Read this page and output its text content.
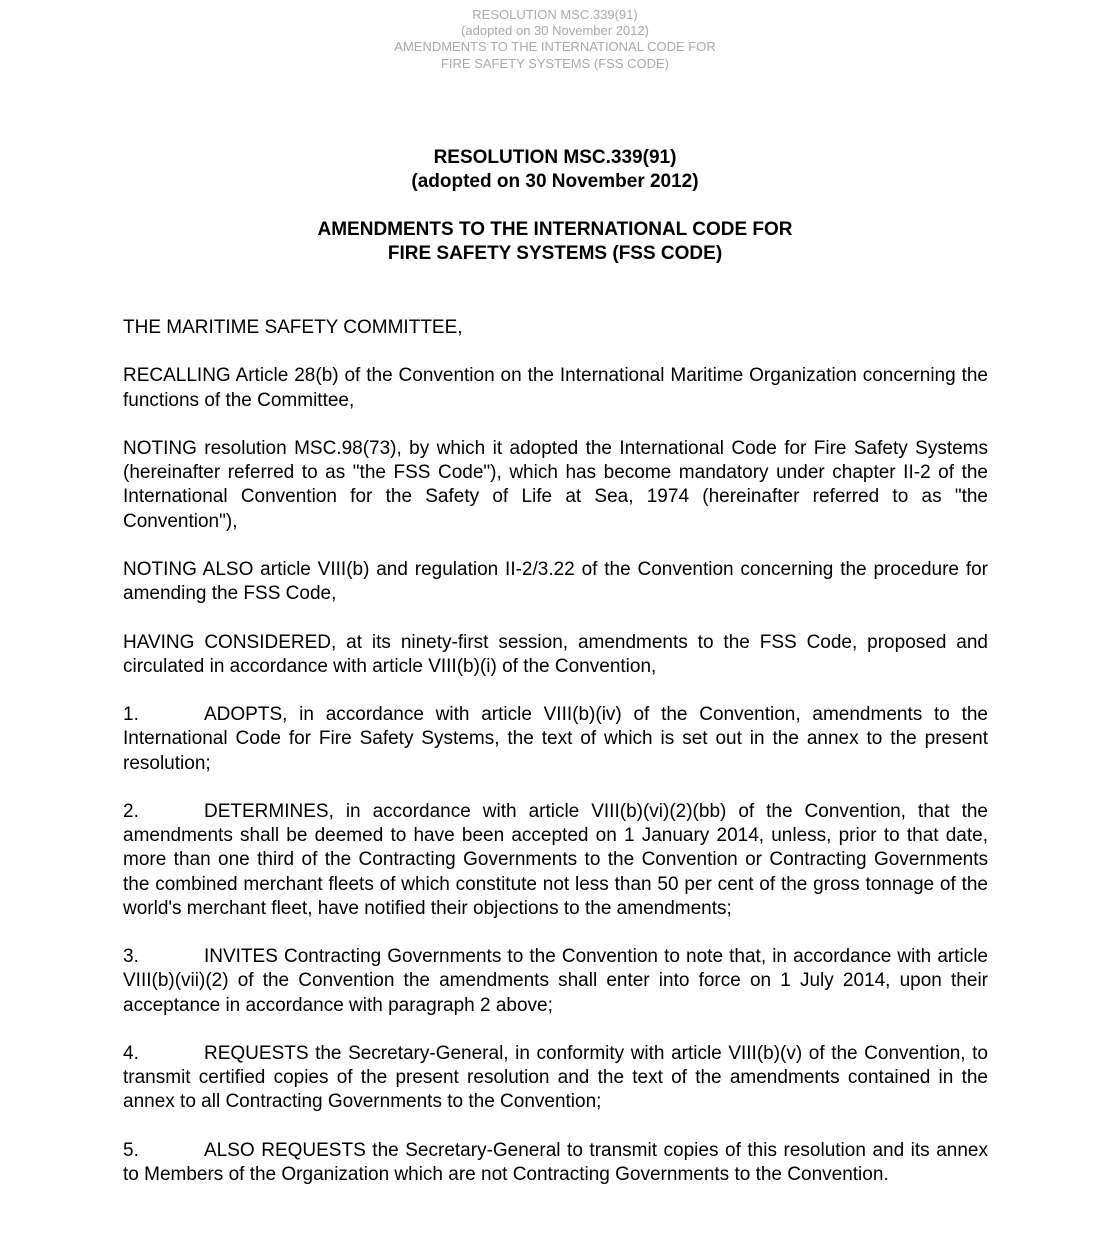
RESOLUTION MSC.339(91)
(adopted on 30 November 2012)
AMENDMENTS TO THE INTERNATIONAL CODE FOR
FIRE SAFETY SYSTEMS (FSS CODE)
RESOLUTION MSC.339(91)
(adopted on 30 November 2012)
AMENDMENTS TO THE INTERNATIONAL CODE FOR
FIRE SAFETY SYSTEMS (FSS CODE)

THE MARITIME SAFETY COMMITTEE,

RECALLING Article 28(b) of the Convention on the International Maritime Organization concerning the functions of the Committee,

NOTING resolution MSC.98(73), by which it adopted the International Code for Fire Safety Systems (hereinafter referred to as "the FSS Code"), which has become mandatory under chapter II-2 of the International Convention for the Safety of Life at Sea, 1974 (hereinafter referred to as "the Convention"),

NOTING ALSO article VIII(b) and regulation II-2/3.22 of the Convention concerning the procedure for amending the FSS Code,

HAVING CONSIDERED, at its ninety-first session, amendments to the FSS Code, proposed and circulated in accordance with article VIII(b)(i) of the Convention,

1.	ADOPTS, in accordance with article VIII(b)(iv) of the Convention, amendments to the International Code for Fire Safety Systems, the text of which is set out in the annex to the present resolution;

2.	DETERMINES, in accordance with article VIII(b)(vi)(2)(bb) of the Convention, that the amendments shall be deemed to have been accepted on 1 January 2014, unless, prior to that date, more than one third of the Contracting Governments to the Convention or Contracting Governments the combined merchant fleets of which constitute not less than 50 per cent of the gross tonnage of the world's merchant fleet, have notified their objections to the amendments;

3.	INVITES Contracting Governments to the Convention to note that, in accordance with article VIII(b)(vii)(2) of the Convention the amendments shall enter into force on 1 July 2014, upon their acceptance in accordance with paragraph 2 above;

4.	REQUESTS the Secretary-General, in conformity with article VIII(b)(v) of the Convention, to transmit certified copies of the present resolution and the text of the amendments contained in the annex to all Contracting Governments to the Convention;

5.	ALSO REQUESTS the Secretary-General to transmit copies of this resolution and its annex to Members of the Organization which are not Contracting Governments to the Convention.
